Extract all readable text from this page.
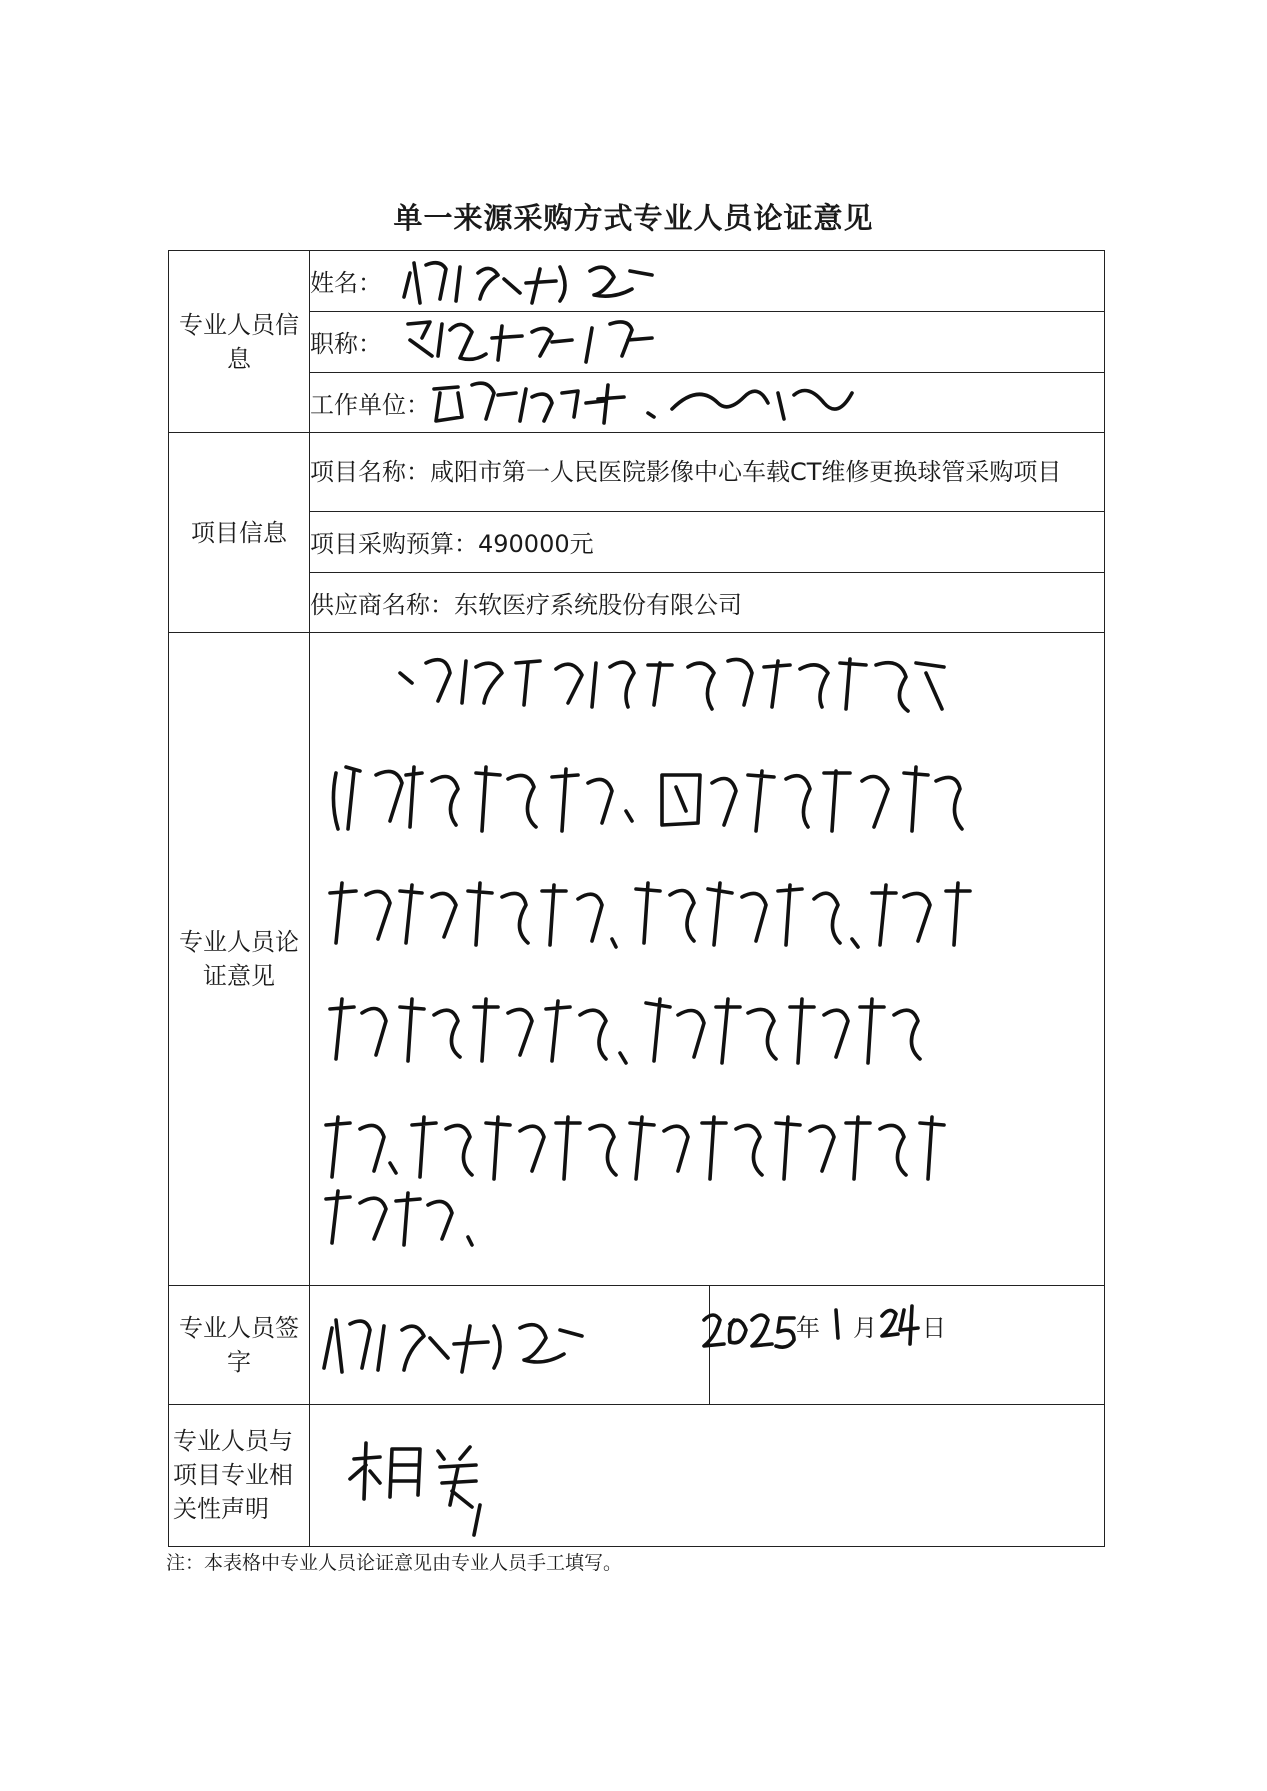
单一来源采购方式专业人员论证意见
专业人员信息	姓名：	

	职称：	

	工作单位：	

项目信息	项目名称：咸阳市第一人民医院影像中心车载CT维修更换球管采购项目	
	项目采购预算：490000元	
	供应商名称：东软医疗系统股份有限公司	
专业人员论证意见	

专业人员签字		年 月 日

专业人员与项目专业相关性声明	
注：本表格中专业人员论证意见由专业人员手工填写。
